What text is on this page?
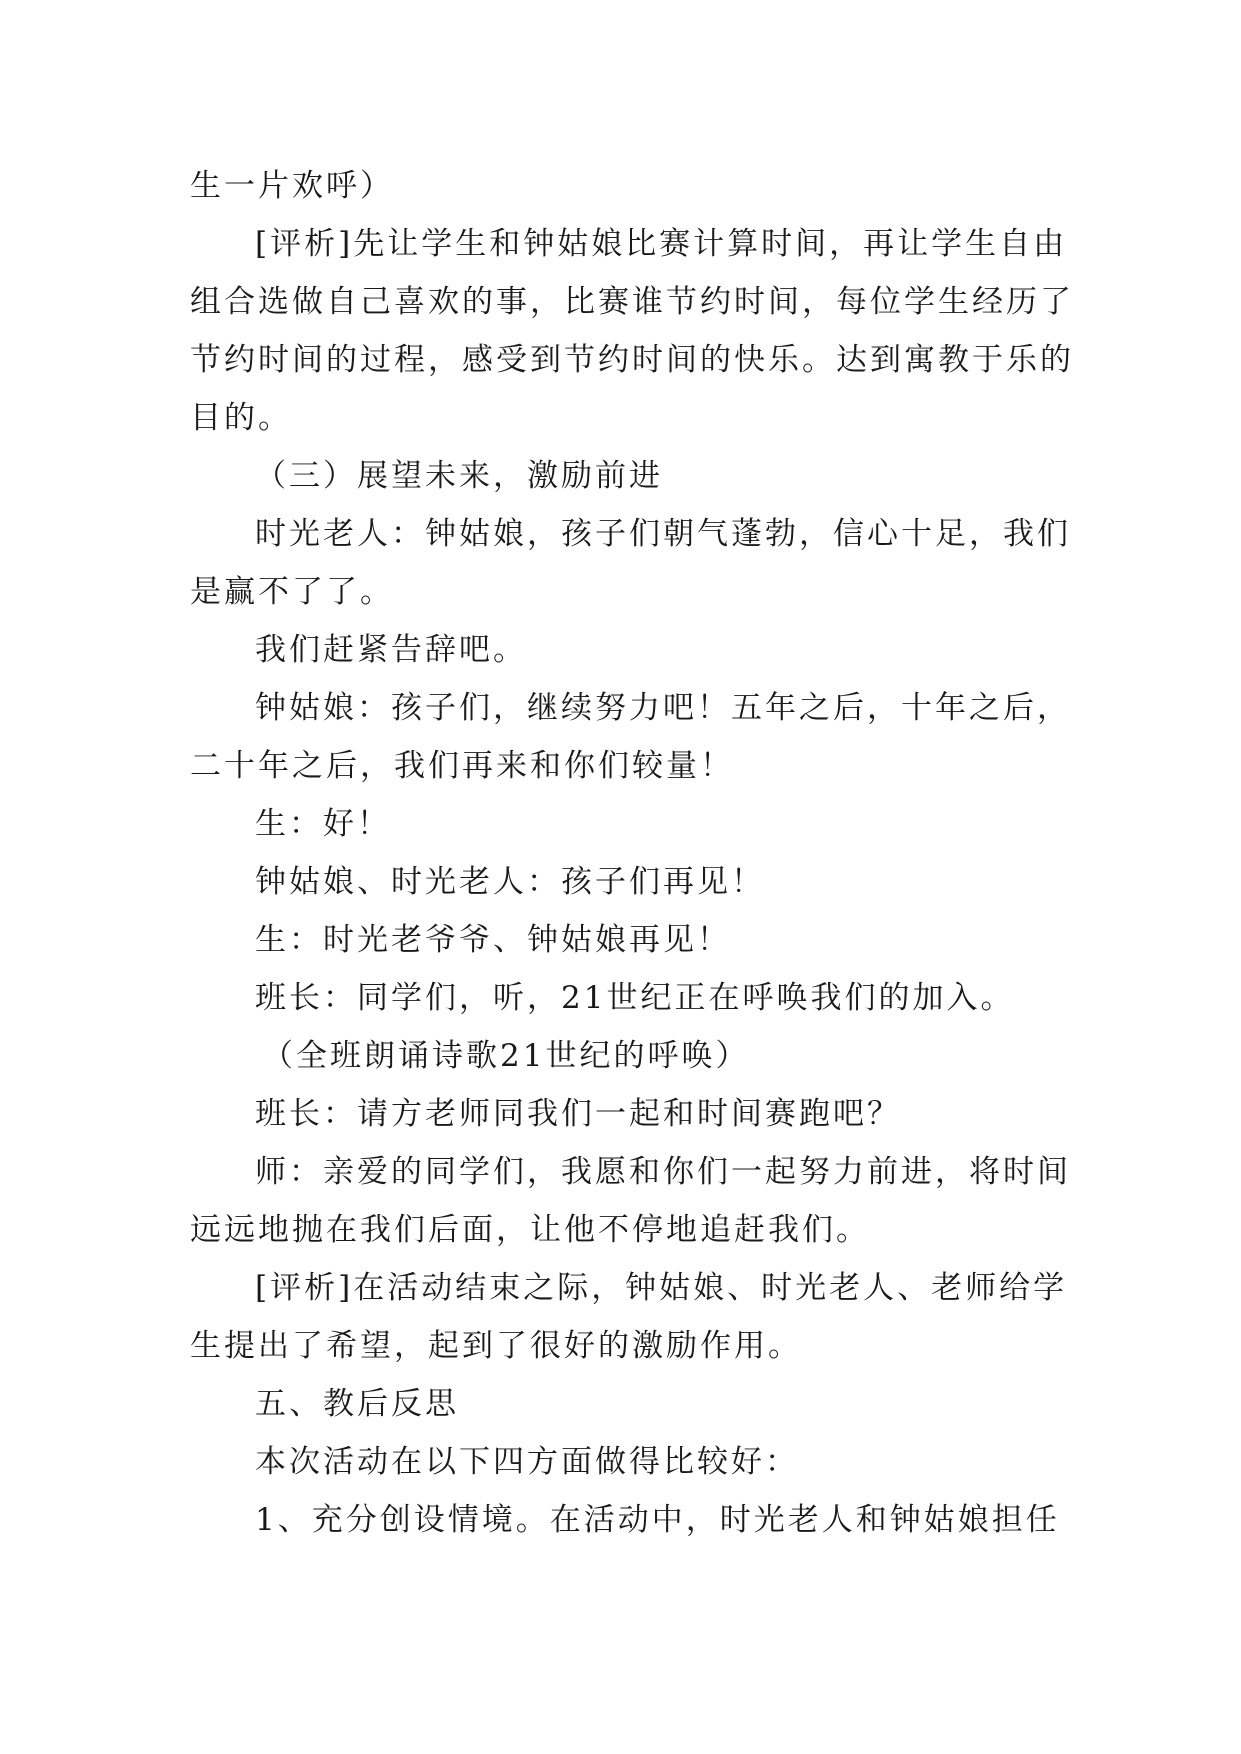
生一片欢呼）
[评析]先让学生和钟姑娘比赛计算时间，再让学生自由
组合选做自己喜欢的事，比赛谁节约时间，每位学生经历了
节约时间的过程，感受到节约时间的快乐。达到寓教于乐的
目的。
（三）展望未来，激励前进
时光老人：钟姑娘，孩子们朝气蓬勃，信心十足，我们
是赢不了了。
我们赶紧告辞吧。
钟姑娘：孩子们，继续努力吧！五年之后，十年之后，
二十年之后，我们再来和你们较量！
生：好！
钟姑娘、时光老人：孩子们再见！
生：时光老爷爷、钟姑娘再见！
班长：同学们，听，21世纪正在呼唤我们的加入。
（全班朗诵诗歌21世纪的呼唤）
班长：请方老师同我们一起和时间赛跑吧？
师：亲爱的同学们，我愿和你们一起努力前进，将时间
远远地抛在我们后面，让他不停地追赶我们。
[评析]在活动结束之际，钟姑娘、时光老人、老师给学
生提出了希望，起到了很好的激励作用。
五、教后反思
本次活动在以下四方面做得比较好：
1、充分创设情境。在活动中，时光老人和钟姑娘担任
